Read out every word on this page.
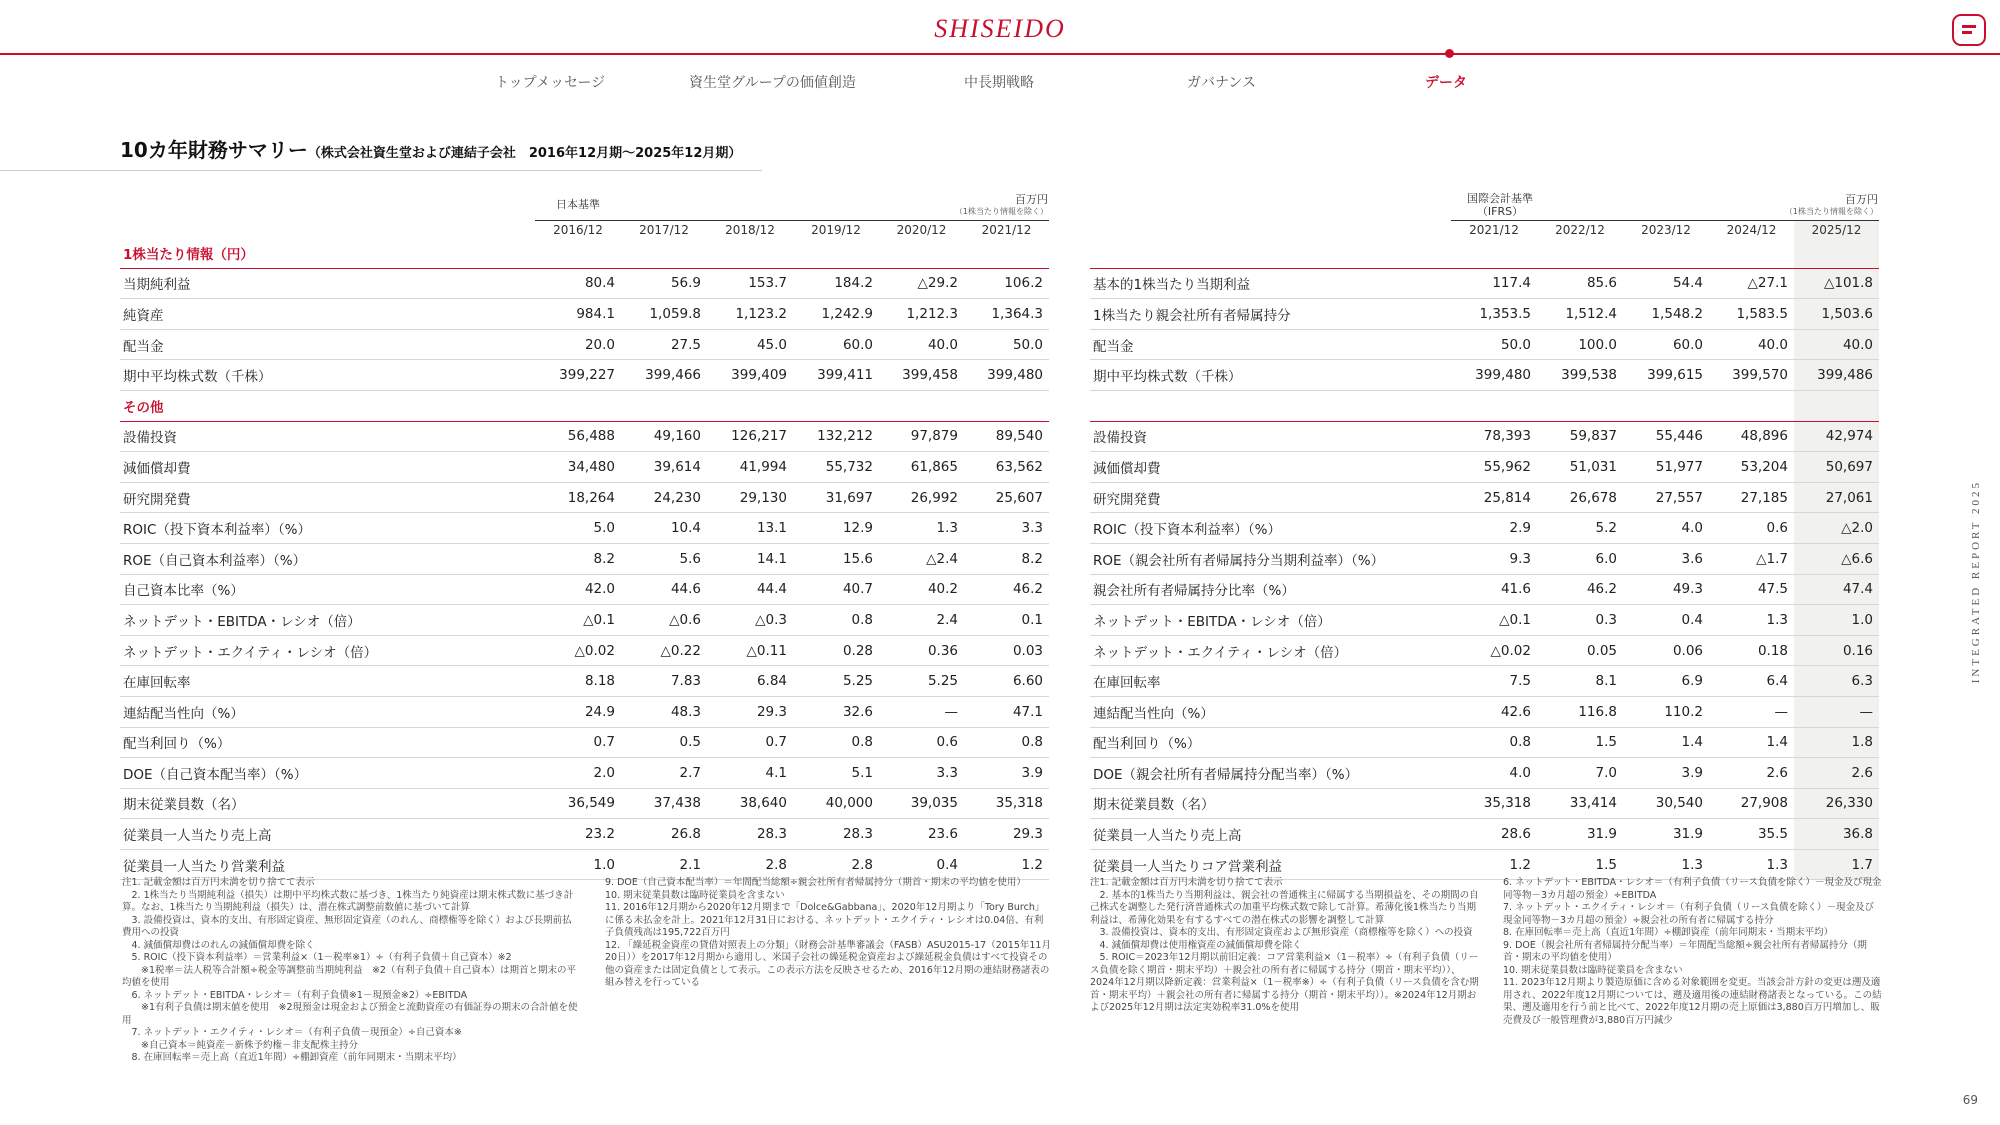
SHISEIDO
トップメッセージ	資生堂グループの価値創造	中長期戦略	ガバナンス	データ
10カ年財務サマリー（株式会社資生堂および連結子会社　2016年12月期〜2025年12月期）
日本基準	百万円
（1株当たり情報を除く）
2016/12	2017/12	2018/12	2019/12	2020/12	2021/12
1株当たり情報（円）						
当期純利益	80.4	56.9	153.7	184.2	△29.2	106.2
純資産	984.1	1,059.8	1,123.2	1,242.9	1,212.3	1,364.3
配当金	20.0	27.5	45.0	60.0	40.0	50.0
期中平均株式数（千株）	399,227	399,466	399,409	399,411	399,458	399,480
その他						
設備投資	56,488	49,160	126,217	132,212	97,879	89,540
減価償却費	34,480	39,614	41,994	55,732	61,865	63,562
研究開発費	18,264	24,230	29,130	31,697	26,992	25,607
ROIC（投下資本利益率）（%）	5.0	10.4	13.1	12.9	1.3	3.3
ROE（自己資本利益率）（%）	8.2	5.6	14.1	15.6	△2.4	8.2
自己資本比率（%）	42.0	44.6	44.4	40.7	40.2	46.2
ネットデット・EBITDA・レシオ（倍）	△0.1	△0.6	△0.3	0.8	2.4	0.1
ネットデット・エクイティ・レシオ（倍）	△0.02	△0.22	△0.11	0.28	0.36	0.03
在庫回転率	8.18	7.83	6.84	5.25	5.25	6.60
連結配当性向（%）	24.9	48.3	29.3	32.6	—	47.1
配当利回り（%）	0.7	0.5	0.7	0.8	0.6	0.8
DOE（自己資本配当率）（%）	2.0	2.7	4.1	5.1	3.3	3.9
期末従業員数（名）	36,549	37,438	38,640	40,000	39,035	35,318
従業員一人当たり売上高	23.2	26.8	28.3	28.3	23.6	29.3
従業員一人当たり営業利益	1.0	2.1	2.8	2.8	0.4	1.2
国際会計基準
（IFRS）
百万円
（1株当たり情報を除く）
2021/12	2022/12	2023/12	2024/12	2025/12

基本的1株当たり当期利益	117.4	85.6	54.4	△27.1	△101.8
1株当たり親会社所有者帰属持分	1,353.5	1,512.4	1,548.2	1,583.5	1,503.6
配当金	50.0	100.0	60.0	40.0	40.0
期中平均株式数（千株）	399,480	399,538	399,615	399,570	399,486

設備投資	78,393	59,837	55,446	48,896	42,974
減価償却費	55,962	51,031	51,977	53,204	50,697
研究開発費	25,814	26,678	27,557	27,185	27,061
ROIC（投下資本利益率）（%）	2.9	5.2	4.0	0.6	△2.0
ROE（親会社所有者帰属持分当期利益率）（%）	9.3	6.0	3.6	△1.7	△6.6
親会社所有者帰属持分比率（%）	41.6	46.2	49.3	47.5	47.4
ネットデット・EBITDA・レシオ（倍）	△0.1	0.3	0.4	1.3	1.0
ネットデット・エクイティ・レシオ（倍）	△0.02	0.05	0.06	0.18	0.16
在庫回転率	7.5	8.1	6.9	6.4	6.3
連結配当性向（%）	42.6	116.8	110.2	—	—
配当利回り（%）	0.8	1.5	1.4	1.4	1.8
DOE（親会社所有者帰属持分配当率）（%）	4.0	7.0	3.9	2.6	2.6
期末従業員数（名）	35,318	33,414	30,540	27,908	26,330
従業員一人当たり売上高	28.6	31.9	31.9	35.5	36.8
従業員一人当たりコア営業利益	1.2	1.5	1.3	1.3	1.7

注1. 記載金額は百万円未満を切り捨てて表示

　2. 1株当たり当期純利益（損失）は期中平均株式数に基づき、1株当たり純資産は期末株式数に基づき計算。なお、1株当たり当期純利益（損失）は、潜在株式調整前数値に基づいて計算

　3. 設備投資は、資本的支出、有形固定資産、無形固定資産（のれん、商標権等を除く）および長期前払費用への投資

　4. 減価償却費はのれんの減価償却費を除く

　5. ROIC（投下資本利益率）＝営業利益×（1－税率※1）÷（有利子負債＋自己資本）※2

　　※1税率＝法人税等合計額÷税金等調整前当期純利益　※2（有利子負債＋自己資本）は期首と期末の平均値を使用

　6. ネットデット・EBITDA・レシオ＝（有利子負債※1－現預金※2）÷EBITDA

　　※1有利子負債は期末値を使用　※2現預金は現金および預金と流動資産の有価証券の期末の合計値を使用

　7. ネットデット・エクイティ・レシオ＝（有利子負債－現預金）÷自己資本※

　　※自己資本＝純資産－新株予約権－非支配株主持分

　8. 在庫回転率＝売上高（直近1年間）÷棚卸資産（前年同期末・当期末平均）

9. DOE（自己資本配当率）＝年間配当総額÷親会社所有者帰属持分（期首・期末の平均値を使用）

10. 期末従業員数は臨時従業員を含まない

11. 2016年12月期から2020年12月期まで「Dolce&Gabbana」、2020年12月期より「Tory Burch」に係る未払金を計上。2021年12月31日における、ネットデット・エクイティ・レシオは0.04倍、有利子負債残高は195,722百万円

12. 「繰延税金資産の貸借対照表上の分類」（財務会計基準審議会（FASB）ASU2015-17（2015年11月20日））を2017年12月期から適用し、米国子会社の繰延税金資産および繰延税金負債はすべて投資その他の資産または固定負債として表示。この表示方法を反映させるため、2016年12月期の連結財務諸表の組み替えを行っている

注1. 記載金額は百万円未満を切り捨てて表示

　2. 基本的1株当たり当期利益は、親会社の普通株主に帰属する当期損益を、その期間の自己株式を調整した発行済普通株式の加重平均株式数で除して計算。希薄化後1株当たり当期利益は、希薄化効果を有するすべての潜在株式の影響を調整して計算

　3. 設備投資は、資本的支出、有形固定資産および無形資産（商標権等を除く）への投資

　4. 減価償却費は使用権資産の減価償却費を除く

　5. ROIC＝2023年12月期以前旧定義：コア営業利益×（1－税率）÷（有利子負債（リース負債を除く期首・期末平均）＋親会社の所有者に帰属する持分（期首・期末平均））、2024年12月期以降新定義：営業利益×（1－税率※）÷（有利子負債（リース負債を含む期首・期末平均）＋親会社の所有者に帰属する持分（期首・期末平均））。※2024年12月期および2025年12月期は法定実効税率31.0%を使用

6. ネットデット・EBITDA・レシオ＝（有利子負債（リース負債を除く）－現金及び現金同等物－3カ月超の預金）÷EBITDA

7. ネットデット・エクイティ・レシオ＝（有利子負債（リース負債を除く）－現金及び現金同等物－3カ月超の預金）÷親会社の所有者に帰属する持分

8. 在庫回転率＝売上高（直近1年間）÷棚卸資産（前年同期末・当期末平均）

9. DOE（親会社所有者帰属持分配当率）＝年間配当総額÷親会社所有者帰属持分（期首・期末の平均値を使用）

10. 期末従業員数は臨時従業員を含まない

11. 2023年12月期より製造原価に含める対象範囲を変更。当該会計方針の変更は遡及適用され、2022年度12月期については、遡及適用後の連結財務諸表となっている。この結果、遡及適用を行う前と比べて、2022年度12月期の売上原価は3,880百万円増加し、販売費及び一般管理費が3,880百万円減少

INTEGRATED REPORT 2025
69
